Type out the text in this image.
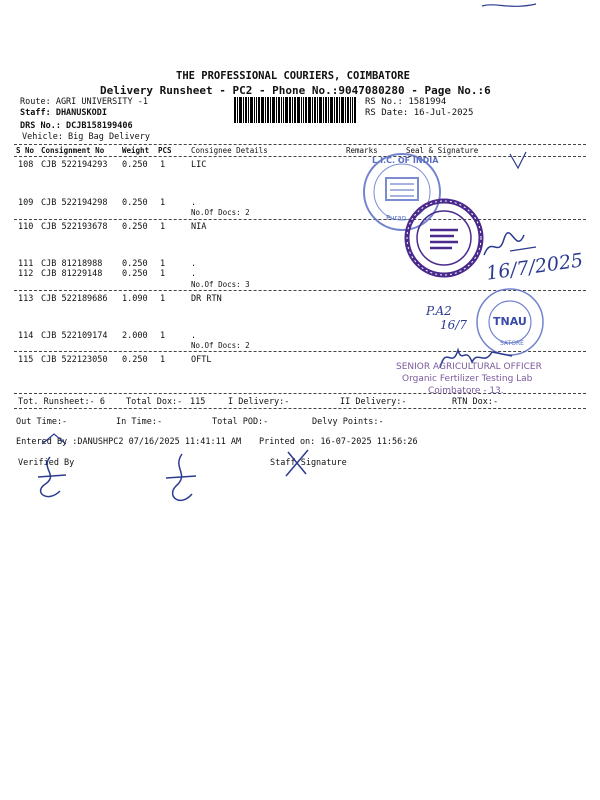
THE PROFESSIONAL COURIERS, COIMBATORE
Delivery Runsheet - PC2 - Phone No.:9047080280 - Page No.:6
Route: AGRI UNIVERSITY -1
Staff: DHANUSKODI
DRS No.: DCJB158199406
Vehicle: Big Bag Delivery
RS No.: 1581994
RS Date: 16-Jul-2025
S No Consignment No Weight PCS	Consignee Details	Remarks	Seal & Signature
108 CJB 522194293 0.250 1	LIC
109 CJB 522194298 0.250 1	.
No.Of Docs: 2
110 CJB 522193678 0.250 1	NIA
111 CJB 81218988 0.250 1	.
112 CJB 81229148 0.250 1	.
No.Of Docs: 3
113 CJB 522189686 1.090 1	DR RTN
114 CJB 522109174 2.000 1	.
No.Of Docs: 2
115 CJB 522123050 0.250 1	OFTL
Tot. Runsheet:- 6 Total Dox:- 115	I Delivery:-	II Delivery:-	RTN Dox:-
Out Time:-	In Time:-	Total POD:-	Delvy Points:-
Entered By :DANUSHPC2 07/16/2025 11:41:11 AM Printed on: 16-07-2025 11:56:26
Verified By	Staff Signature
L.I.C. OF INDIA
Puran
16/7/2025
TNAU
SATORE
P.A2
16/7
SENIOR AGRICULTURAL OFFICER
Organic Fertilizer Testing Lab
Coimbatore - 13.
